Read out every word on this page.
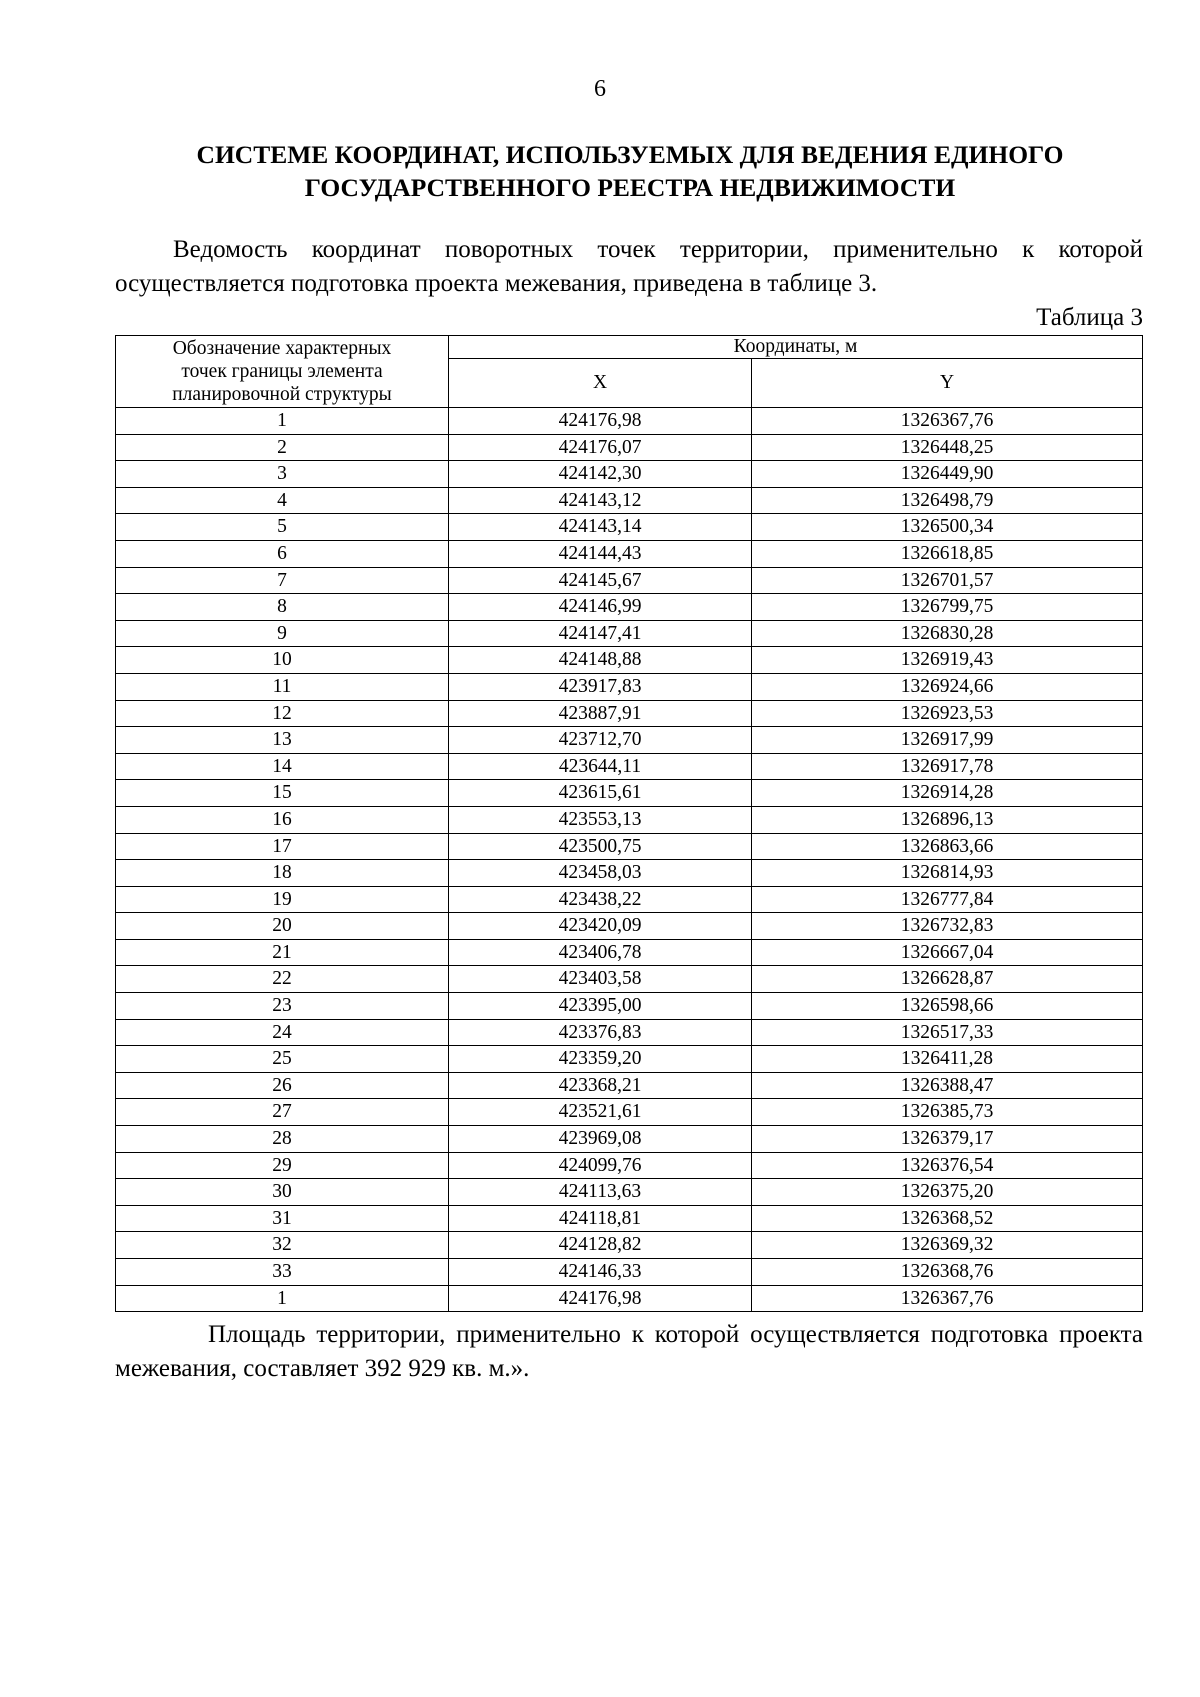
6
СИСТЕМЕ КООРДИНАТ, ИСПОЛЬЗУЕМЫХ ДЛЯ ВЕДЕНИЯ ЕДИНОГО
ГОСУДАРСТВЕННОГО РЕЕСТРА НЕДВИЖИМОСТИ

Ведомость координат поворотных точек территории, применительно к которой осуществляется подготовка проекта межевания, приведена в таблице 3.

Таблица 3
Обозначение характерных
точек границы элемента
планировочной структуры	Координаты, м	
	X	Y
1	424176,98	1326367,76
2	424176,07	1326448,25
3	424142,30	1326449,90
4	424143,12	1326498,79
5	424143,14	1326500,34
6	424144,43	1326618,85
7	424145,67	1326701,57
8	424146,99	1326799,75
9	424147,41	1326830,28
10	424148,88	1326919,43
11	423917,83	1326924,66
12	423887,91	1326923,53
13	423712,70	1326917,99
14	423644,11	1326917,78
15	423615,61	1326914,28
16	423553,13	1326896,13
17	423500,75	1326863,66
18	423458,03	1326814,93
19	423438,22	1326777,84
20	423420,09	1326732,83
21	423406,78	1326667,04
22	423403,58	1326628,87
23	423395,00	1326598,66
24	423376,83	1326517,33
25	423359,20	1326411,28
26	423368,21	1326388,47
27	423521,61	1326385,73
28	423969,08	1326379,17
29	424099,76	1326376,54
30	424113,63	1326375,20
31	424118,81	1326368,52
32	424128,82	1326369,32
33	424146,33	1326368,76
1	424176,98	1326367,76

Площадь территории, применительно к которой осуществляется подготовка проекта межевания, составляет 392 929 кв. м.».
